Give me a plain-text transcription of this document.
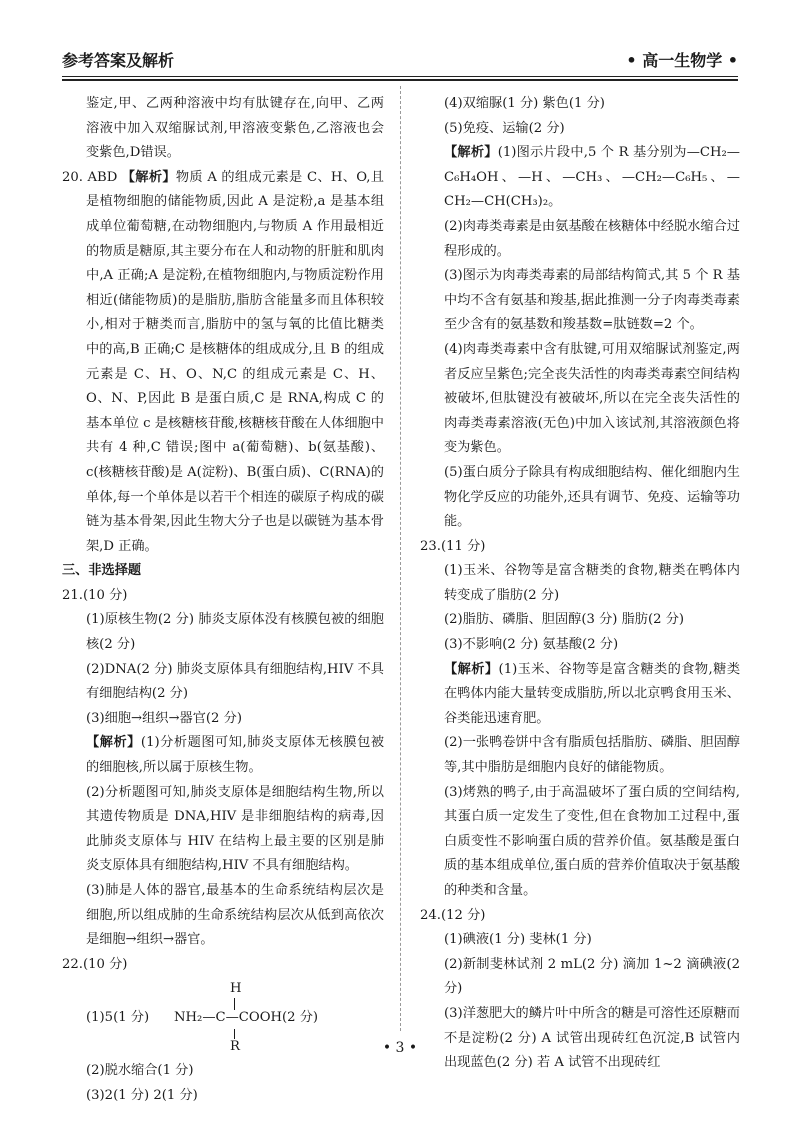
参考答案及解析	• 高一生物学 •

鉴定,甲、乙两种溶液中均有肽键存在,向甲、乙两溶液中加入双缩脲试剂,甲溶液变紫色,乙溶液也会变紫色,D错误。

20. ABD 【解析】物质 A 的组成元素是 C、H、O,且是植物细胞的储能物质,因此 A 是淀粉,a 是基本组成单位葡萄糖,在动物细胞内,与物质 A 作用最相近的物质是糖原,其主要分布在人和动物的肝脏和肌肉中,A 正确;A 是淀粉,在植物细胞内,与物质淀粉作用相近(储能物质)的是脂肪,脂肪含能量多而且体积较小,相对于糖类而言,脂肪中的氢与氧的比值比糖类中的高,B 正确;C 是核糖体的组成成分,且 B 的组成元素是 C、H、O、N,C 的组成元素是 C、H、O、N、P,因此 B 是蛋白质,C 是 RNA,构成 C 的基本单位 c 是核糖核苷酸,核糖核苷酸在人体细胞中共有 4 种,C 错误;图中 a(葡萄糖)、b(氨基酸)、c(核糖核苷酸)是 A(淀粉)、B(蛋白质)、C(RNA)的单体,每一个单体是以若干个相连的碳原子构成的碳链为基本骨架,因此生物大分子也是以碳链为基本骨架,D 正确。

三、非选择题

21.(10 分)

(1)原核生物(2 分) 肺炎支原体没有核膜包被的细胞核(2 分)

(2)DNA(2 分) 肺炎支原体具有细胞结构,HIV 不具有细胞结构(2 分)

(3)细胞→组织→器官(2 分)

【解析】(1)分析题图可知,肺炎支原体无核膜包被的细胞核,所以属于原核生物。

(2)分析题图可知,肺炎支原体是细胞结构生物,所以其遗传物质是 DNA,HIV 是非细胞结构的病毒,因此肺炎支原体与 HIV 在结构上最主要的区别是肺炎支原体具有细胞结构,HIV 不具有细胞结构。

(3)肺是人体的器官,最基本的生命系统结构层次是细胞,所以组成肺的生命系统结构层次从低到高依次是细胞→组织→器官。

22.(10 分)

(1)5(1 分)
H
NH₂—C—COOH(2 分)
R

(2)脱水缩合(1 分)

(3)2(1 分) 2(1 分)

(4)双缩脲(1 分) 紫色(1 分)

(5)免疫、运输(2 分)

【解析】(1)图示片段中,5 个 R 基分别为—CH₂—C₆H₄OH、—H、—CH₃、—CH₂—C₆H₅、—CH₂—CH(CH₃)₂。

(2)肉毒类毒素是由氨基酸在核糖体中经脱水缩合过程形成的。

(3)图示为肉毒类毒素的局部结构简式,其 5 个 R 基中均不含有氨基和羧基,据此推测一分子肉毒类毒素至少含有的氨基数和羧基数=肽链数=2 个。

(4)肉毒类毒素中含有肽键,可用双缩脲试剂鉴定,两者反应呈紫色;完全丧失活性的肉毒类毒素空间结构被破坏,但肽键没有被破坏,所以在完全丧失活性的肉毒类毒素溶液(无色)中加入该试剂,其溶液颜色将变为紫色。

(5)蛋白质分子除具有构成细胞结构、催化细胞内生物化学反应的功能外,还具有调节、免疫、运输等功能。

23.(11 分)

(1)玉米、谷物等是富含糖类的食物,糖类在鸭体内转变成了脂肪(2 分)

(2)脂肪、磷脂、胆固醇(3 分) 脂肪(2 分)

(3)不影响(2 分) 氨基酸(2 分)

【解析】(1)玉米、谷物等是富含糖类的食物,糖类在鸭体内能大量转变成脂肪,所以北京鸭食用玉米、谷类能迅速育肥。

(2)一张鸭卷饼中含有脂质包括脂肪、磷脂、胆固醇等,其中脂肪是细胞内良好的储能物质。

(3)烤熟的鸭子,由于高温破坏了蛋白质的空间结构,其蛋白质一定发生了变性,但在食物加工过程中,蛋白质变性不影响蛋白质的营养价值。氨基酸是蛋白质的基本组成单位,蛋白质的营养价值取决于氨基酸的种类和含量。

24.(12 分)

(1)碘液(1 分) 斐林(1 分)

(2)新制斐林试剂 2 mL(2 分) 滴加 1~2 滴碘液(2 分)

(3)洋葱肥大的鳞片叶中所含的糖是可溶性还原糖而不是淀粉(2 分) A 试管出现砖红色沉淀,B 试管内出现蓝色(2 分) 若 A 试管不出现砖红

• 3 •
